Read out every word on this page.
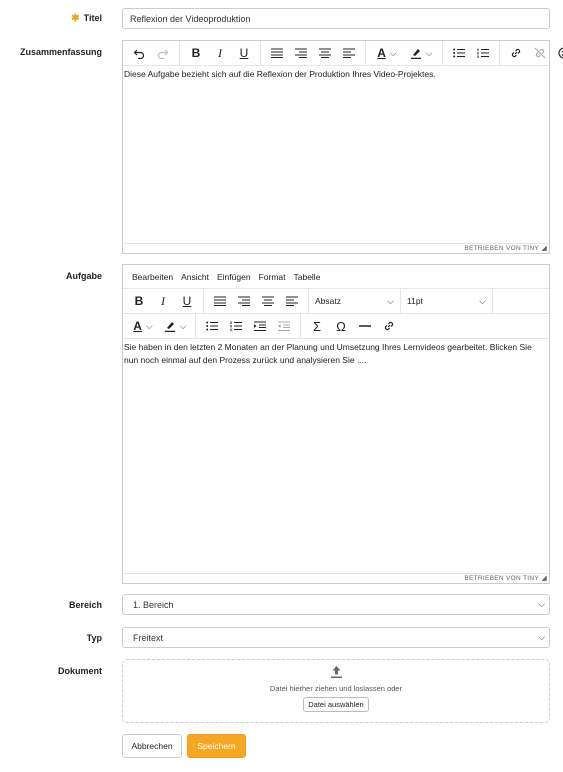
✱ Titel	Reflexion der Videoproduktion
Zusammenfassung	B	I	U	A ⌵	⌵
Diese Aufgabe bezieht sich auf die Reflexion der Produktion Ihres Video-Projektes.
BETRIEBEN VON TINY ◢
Aufgabe	Bearbeiten Ansicht Einfügen Format Tabelle
B	I	U	Absatz	⌵ 11pt	⌵
A ⌵	⌵	Σ	Ω
Sie haben in den letzten 2 Monaten an der Planung und Umsetzung Ihres Lernvideos gearbeitet. Blicken Sie nun noch einmal auf den Prozess zurück und analysieren Sie ....
BETRIEBEN VON TINY ◢
Bereich	1. Bereich	⌵
Typ	Freitext	⌵
Dokument
Datei hierher ziehen und loslassen oder
Datei auswählen
Abbrechen	Speichern
